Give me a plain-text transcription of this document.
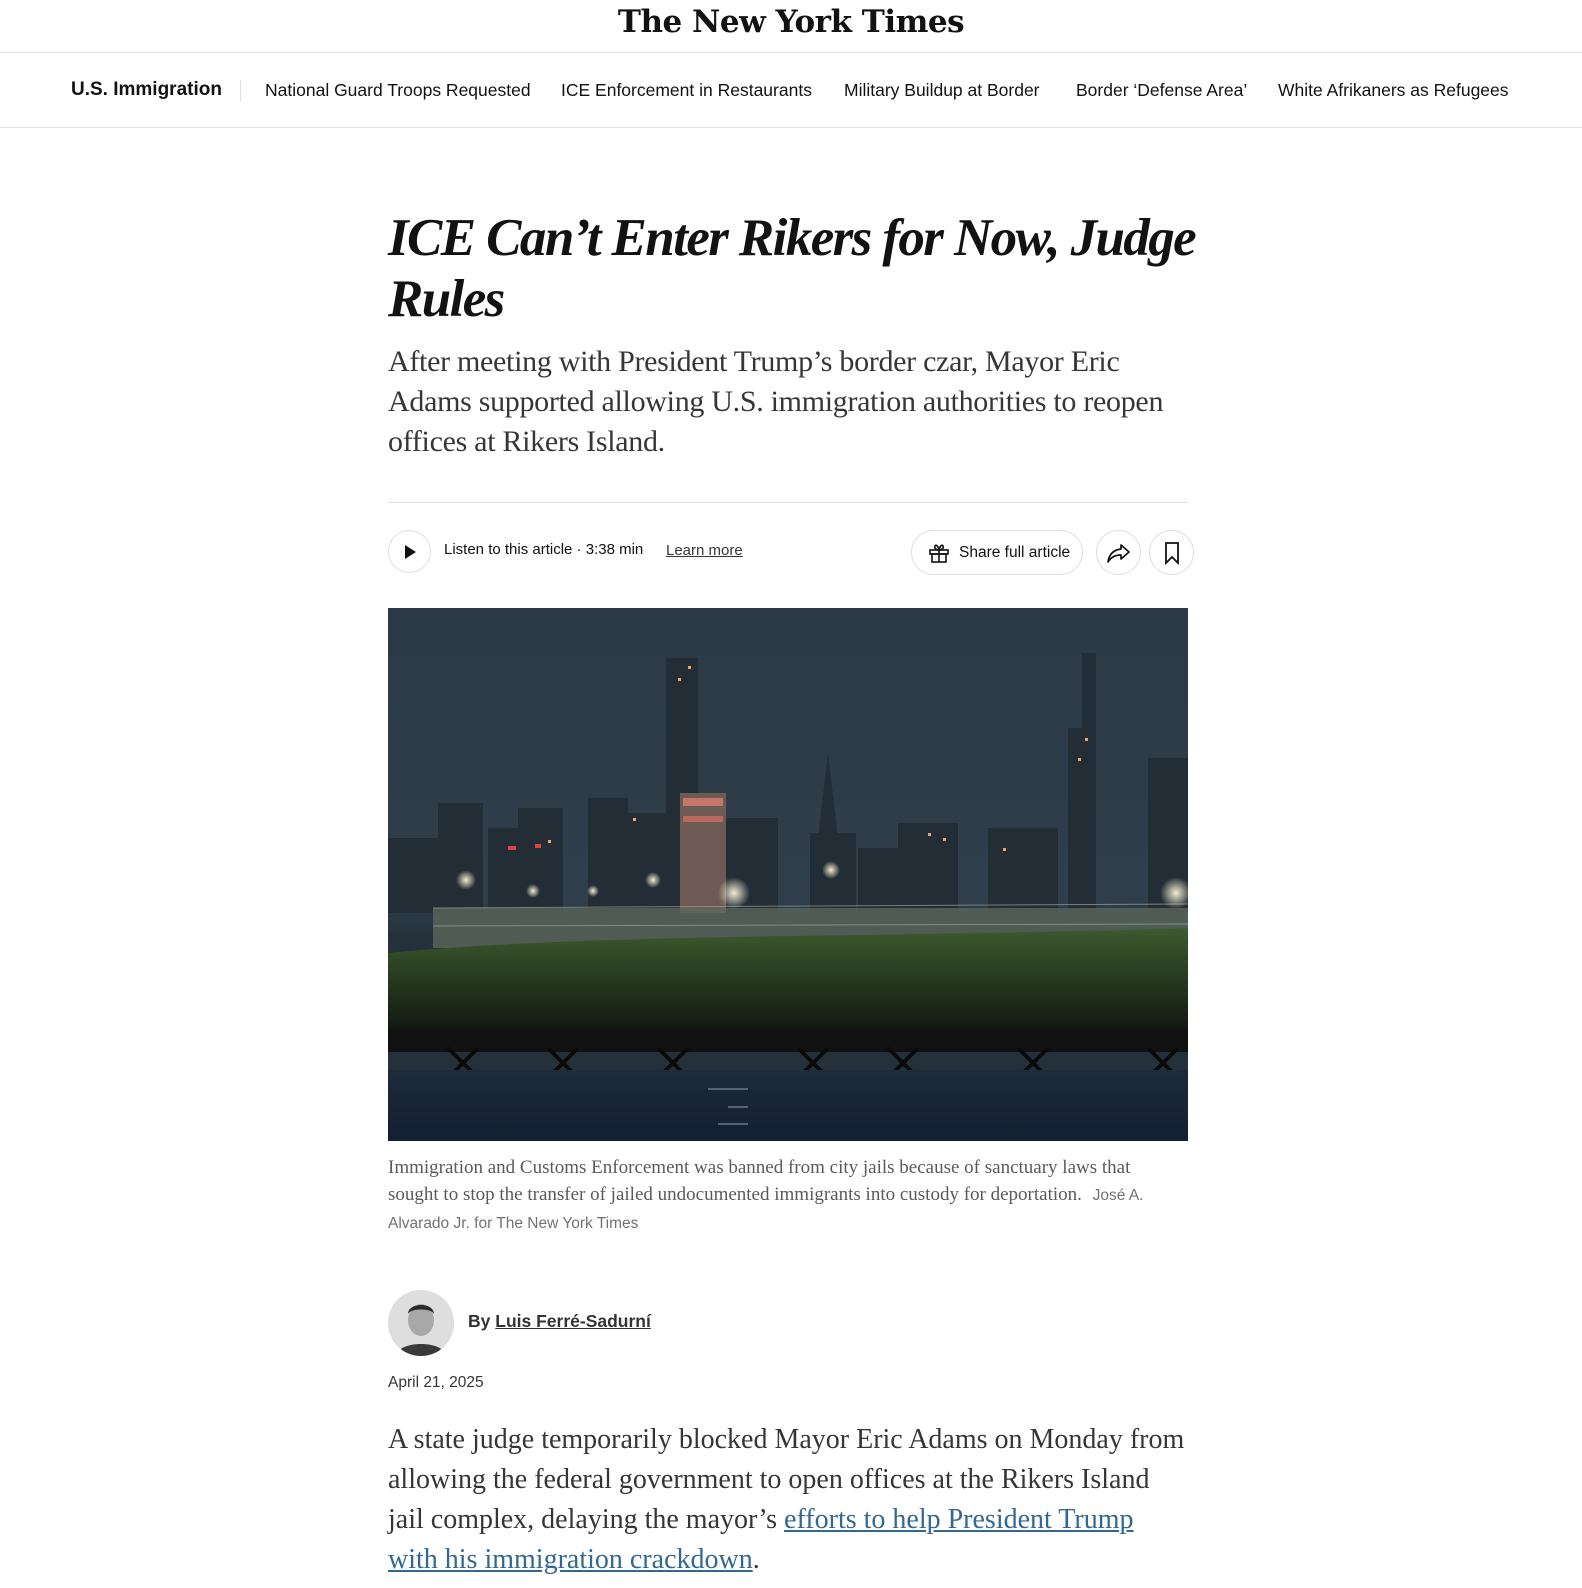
The New York Times
U.S. Immigration National Guard Troops Requested ICE Enforcement in Restaurants Military Buildup at Border Border ‘Defense Area’ White Afrikaners as Refugees
ICE Can’t Enter Rikers for Now, Judge Rules

After meeting with President Trump’s border czar, Mayor Eric Adams supported allowing U.S. immigration authorities to reopen offices at Rikers Island.

Listen to this article · 3:38 min Learn more	Share full article
Immigration and Customs Enforcement was banned from city jails because of sanctuary laws that sought to stop the transfer of jailed undocumented immigrants into custody for deportation. José A. Alvarado Jr. for The New York Times
By Luis Ferré-Sadurní
April 21, 2025

A state judge temporarily blocked Mayor Eric Adams on Monday from allowing the federal government to open offices at the Rikers Island jail complex, delaying the mayor’s efforts to help President Trump with his immigration crackdown.
